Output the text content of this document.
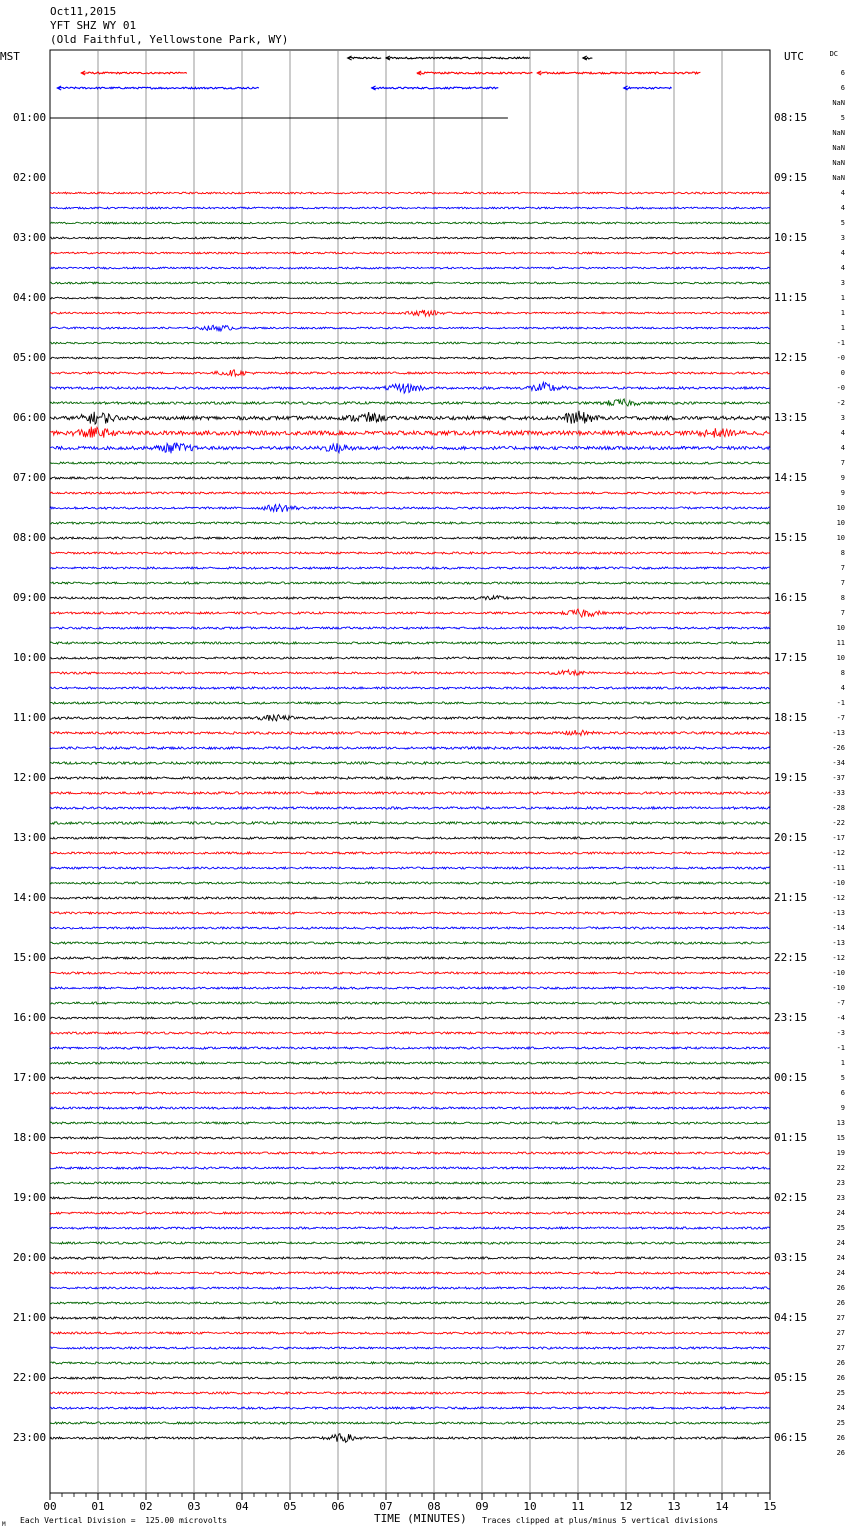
Oct11,2015
YFT SHZ WY 01
(Old Faithful, Yellowstone Park, WY)
MST	UTC	DC
01:00
02:00
03:00
04:00
05:00
06:00
07:00
08:00
09:00
10:00
11:00
12:00
13:00
14:00
15:00
16:00
17:00
18:00
19:00
20:00
21:00
22:00
23:00
08:15
09:15
10:15
11:15
12:15
13:15
14:15
15:15
16:15
17:15
18:15
19:15
20:15
21:15
22:15
23:15
00:15
01:15
02:15
03:15
04:15
05:15
06:15
6
6
NaN
5
NaN
NaN
NaN
NaN
4
4
5
3
4
4
3
1
1
1
-1
-0
0
-0
-2
3
4
4
7
9
9
10
10
10
8
7
7
8
7
10
11
10
8
4
-1
-7
-13
-26
-34
-37
-33
-28
-22
-17
-12
-11
-10
-12
-13
-14
-13
-12
-10
-10
-7
-4
-3
-1
1
5
6
9
13
15
19
22
23
23
24
25
24
24
24
26
26
27
27
27
26
26
25
24
25
26
26
00	01	02	03	04	05	06	07	08	09	10	11	12	13	14	15
M Each Vertical Division =  125.00 microvolts	TIME (MINUTES) Traces clipped at plus/minus 5 vertical divisions
